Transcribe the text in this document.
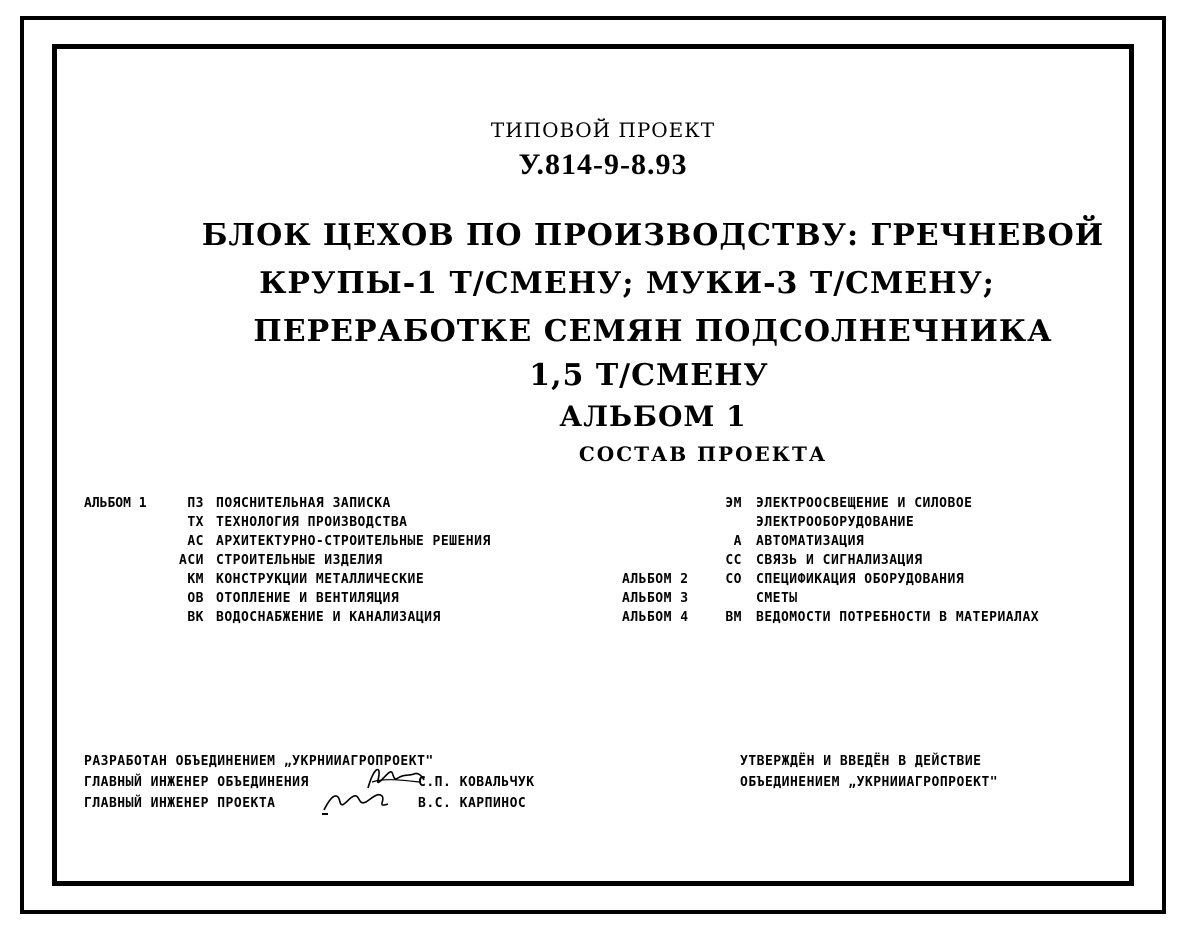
ТИПОВОЙ ПРОЕКТ
У.814-9-8.93
БЛОК ЦЕХОВ ПО ПРОИЗВОДСТВУ: ГРЕЧНЕВОЙ
КРУПЫ-1 Т/СМЕНУ; МУКИ-3 Т/СМЕНУ;
ПЕРЕРАБОТКЕ СЕМЯН ПОДСОЛНЕЧНИКА
1,5 Т/СМЕНУ
АЛЬБОМ 1
СОСТАВ ПРОЕКТА
АЛЬБОМ 1	ПЗ ПОЯСНИТЕЛЬНАЯ ЗАПИСКА
ТХ ТЕХНОЛОГИЯ ПРОИЗВОДСТВА
АС АРХИТЕКТУРНО-СТРОИТЕЛЬНЫЕ РЕШЕНИЯ
АСИ СТРОИТЕЛЬНЫЕ ИЗДЕЛИЯ
КМ КОНСТРУКЦИИ МЕТАЛЛИЧЕСКИЕ
ОВ ОТОПЛЕНИЕ И ВЕНТИЛЯЦИЯ
ВК ВОДОСНАБЖЕНИЕ И КАНАЛИЗАЦИЯ
ЭМ ЭЛЕКТРООСВЕЩЕНИЕ И СИЛОВОЕ
ЭЛЕКТРООБОРУДОВАНИЕ
А АВТОМАТИЗАЦИЯ
СС СВЯЗЬ И СИГНАЛИЗАЦИЯ
АЛЬБОМ 2	СО СПЕЦИФИКАЦИЯ ОБОРУДОВАНИЯ
АЛЬБОМ 3	СМЕТЫ
АЛЬБОМ 4	ВМ ВЕДОМОСТИ ПОТРЕБНОСТИ В МАТЕРИАЛАХ
РАЗРАБОТАН ОБЪЕДИНЕНИЕМ „УКРНИИАГРОПРОЕКТ"
ГЛАВНЫЙ ИНЖЕНЕР ОБЪЕДИНЕНИЯ	С.П. КОВАЛЬЧУК
ГЛАВНЫЙ ИНЖЕНЕР ПРОЕКТА	В.С. КАРПИНОС
УТВЕРЖДЁН И ВВЕДЁН В ДЕЙСТВИЕ
ОБЪЕДИНЕНИЕМ „УКРНИИАГРОПРОЕКТ"
